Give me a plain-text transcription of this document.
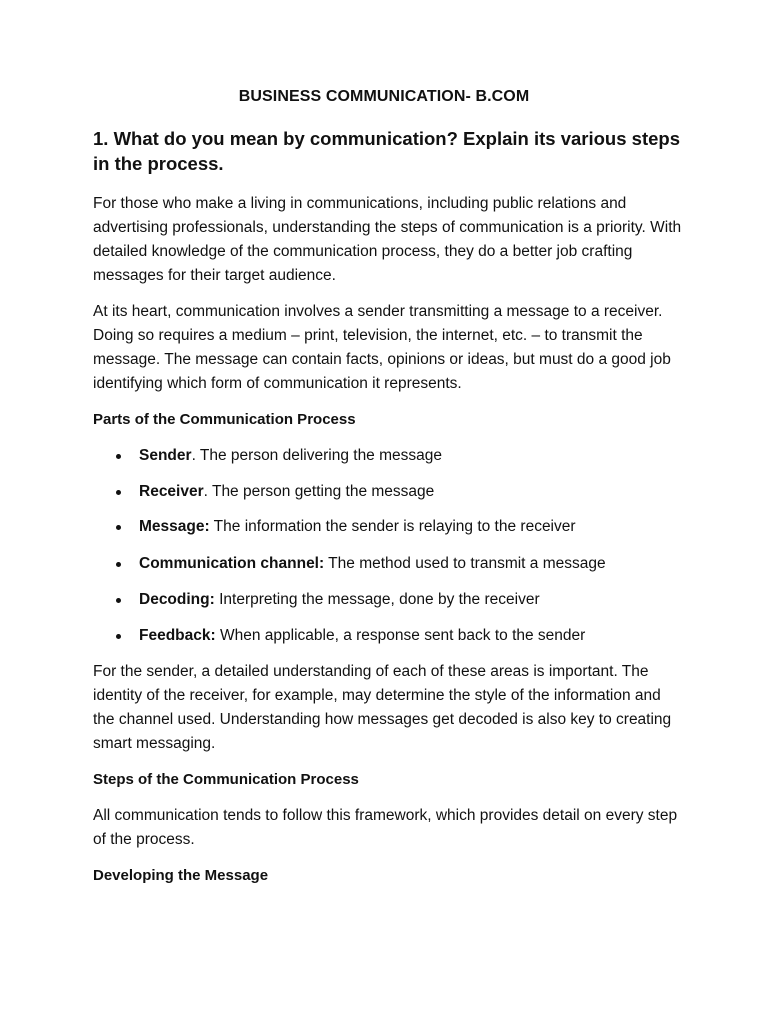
BUSINESS COMMUNICATION- B.COM
1. What do you mean by communication? Explain its various steps in the process.
For those who make a living in communications, including public relations and advertising professionals, understanding the steps of communication is a priority. With detailed knowledge of the communication process, they do a better job crafting messages for their target audience.
At its heart, communication involves a sender transmitting a message to a receiver. Doing so requires a medium – print, television, the internet, etc. – to transmit the message. The message can contain facts, opinions or ideas, but must do a good job identifying which form of communication it represents.
Parts of the Communication Process
Sender. The person delivering the message
Receiver. The person getting the message
Message: The information the sender is relaying to the receiver
Communication channel: The method used to transmit a message
Decoding: Interpreting the message, done by the receiver
Feedback: When applicable, a response sent back to the sender
For the sender, a detailed understanding of each of these areas is important. The identity of the receiver, for example, may determine the style of the information and the channel used. Understanding how messages get decoded is also key to creating smart messaging.
Steps of the Communication Process
All communication tends to follow this framework, which provides detail on every step of the process.
Developing the Message
